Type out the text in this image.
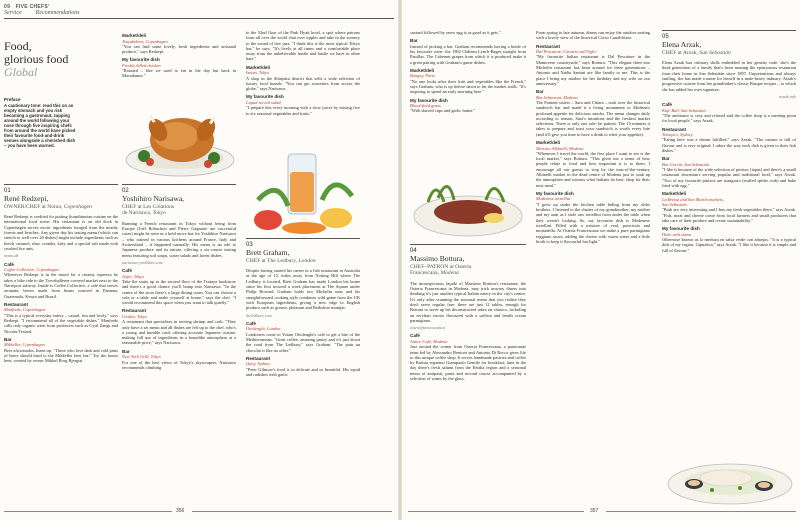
09 FIVE CHEFS'
Service Recommendations
Food,
glorious food
Global
Preface

A cautionary tone: read this on an empty stomach and you risk becoming a gastronaut, zapping around the world following your nose through five inspiring chefs from around the world have picked their favourite food-and-drink venues alongside a cherished dish – you have been warned.

Market/deli
Tsuyabikeru, Copenhagen

"You can find some lovely, fresh ingredients and artisanal produce," says Redzepi.

My favourite dish
Freshly killed chicken

"Roasted – like we used to eat in the day but back in Macadamia."

to the 52nd floor of the Park Hyatt hotel, a spot where patrons from all over the world chat over tipples and take in the scenery to the sound of live jazz. "I think this is the most typical Tokyo bar," he says. "It's lively at all times and a comfortable place away from the unbelievable hustle and bustle we have in other bars."

Market/deli
Isetan, Tokyo

A shop in the Shinjuku district that sells a wide selection of luxury food brands. "You can get souvenirs from across the globe," says Narisawa.

My favourite dish
Liquid record salad

"I prepare this every morning with a slow juicer by mixing five to six seasonal vegetables and fruits."

custard followed by snow egg is as good as it gets."

Bar

Instead of picking a bar, Graham recommends having a bottle of his favourite wine: the 1982 Château Lynch-Bages straight from Pauillac. The Cabernet grapes from which it is produced make it a great pairing with Graham's game dishes.

Market/deli
Bungay, Paris

"No one looks after their fruit and vegetables like the French," says Graham, who is up before dawn to hit the market stalls. "It's inspiring to spend an early morning here."

My favourite dish
Blood-fired grass

"With shaved cups and garlic butter."

From spring to late autumn, diners can enjoy the outdoor seating with a lovely view of the historical Corso Canalchiaro.

Restaurant
Dal Pescatore, Canneto sull'Oglio

"My favourite Italian restaurant is Dal Pescatore in the Mantovese countryside," says Bottura. "This elegant three-star Michelin restaurant has been around for three generations – Antonio and Nadia Santini are like family to me. This is the place I bring my mother for her birthday and my wife on our anniversary."

Bar
Bar Schiavoni, Modena

The Fantoni sisters – Sara and Chiara – took over the historical sandwich bar and made it a living monument to Modena's profound appetite for delicious snacks. The menu changes daily according to season, Sara's intuitions and the freshest market selections. There is only one rule: be patient. The 10 minutes it takes to prepare and toast your sandwich is worth every bite (and it'll give you time to have a drink to whet your appetite).

Market/deli
Mercato Albinelli, Modena

"Whenever I travel the world, the first place I want to see is the local market," says Bottura. "This gives me a sense of how people relate to food and how important it is to them. I encourage all our guests to stop by the turn-of-the-century Albinelli market in the dead centre of Modena just to soak up the atmosphere and witness what Italians do best: shop for their next meal."

My favourite dish
Modenese tortellini

"I grew up under the kitchen table hiding from my older brothers. I listened to the chatter of my grandmother, my mother and my aunt as I stole raw tortellini from under the table when they weren't looking. So, my favourite dish is Modenese tortellini. Filled with a mixture of veal, prosciutto and mortadella. At Osteria Francescana we make a pure parmigiano reggiano sauce, adding the cheese with warm water and a little broth to keep it flavourful but light."

01
René Redzepi,
OWNER/CHEF at Noma, Copenhagen

René Redzepi is credited for putting Scandinavian cuisine on the international food scene. His restaurant is on old dock in Copenhagen serves exotic ingredients foraged from the nearby forests and beaches. Any given day his tasting menu (which can stretch to well over 20 dishes) might include ingredients such as beech caramel, rhea, crumbs, kitty and a special salt made with crushed fire ants.

noma.dk
Café
Coffee Collective, Copenhagen

Whenever Redzepi is in the mood for a creamy espresso he takes a bike ride to the Torvehallerne covered market next to the Nørreport subway. Inside is Coffee Collective, a café that serves aromatic brews made from beans sourced in Panama, Guatemala, Kenya and Brazil.

Restaurant
Manfreds, Copenhagen

"This is a typical everyday eatery – casual, fun and lively," says Redzepi. "I recommend all of the vegetable dishes." Manfreds calls only organic wine from producers such as Cyril Zangs and Nicolas Testard.

Bar
Mikkeller, Copenhagen

Beer aficionados, listen up: "Those who love dark and cold pints of beers should head to the Mikkeller beer bar." Try the house beer, created by owner Mikkel Borg Bjergsø.

02
Yoshihiro Narisawa,
CHEF at Les Créations
de Narisawa, Tokyo

Running a French restaurant in Tokyo without being from Europe (Joël Robuchon and Pierre Gagnaire are successful cases) might be seen as a bold move but for Yoshihiro Narisawa – who trained in various kitchens around France, Italy and Switzerland – it happened naturally. His menu is an ode to Japanese produce and its nature, offering a six-course tasting menu featuring soil soups, water salads and forest dishes.

narisawa-yoshihiro.com
Café
Anjin, Tokyo

Take the stairs up to the second floor of the Tsutaya bookstore and there's a good chance you'll bump into Narisawa. "In the centre of the store there's a large dining room. You can choose a sofa or a table and make yourself at home," says the chef. "I would recommend this space when you want to talk quietly."

Restaurant
Uoshin, Tokyo

A restaurant that specialises in serving shrimp and crab. "They only have a set menu and all dishes are left up to the chef, who's a young and humble cook offering accurate Japanese cuisine, making full use of ingredients in a homelike atmosphere at a reasonable price," says Narisawa.

Bar
New York Grill, Tokyo

For one of the best views of Tokyo's skyscrapers, Narisawa recommends climbing

03
Brett Graham,
CHEF at The Ledbury, London

Despite having started his career in a fish restaurant in Australia at the age of 15, miles away from Notting Hill where The Ledbury is located, Brett Graham has made London his home since his first secured a work placement at The Square under Philip Howard. Graham holds two Michelin stars and his straightforward cooking style combines wild game from the UK with European ingredients, giving a new edge to English produce such as grouse, pheasant and Berkshire muntjac.

theledbury.com
Café
Ottolenghi, London

Londoners come to Yotam Ottolenghi's café to get a bite of the Mediterranean. "Great coffee, amazing pastry and it's just down the road from The Ledbury," says Graham. "The pain au chocolat is like no other."

Restaurant
Quay, Sydney

"Peter Gilmore's food is so delicate and so beautiful. His squid and radishes with garlic

04
Massimo Bottura,
CHEF–PATRON at Osteria
Francescana, Modena

The inconspicuous façade of Massimo Bottura's restaurant, the Osteria Francescana in Modena, may trick unwary diners into thinking it's just another typical Italian eatery in the city's centre. It's only after scanning the seasonal menu that you realise they don't serve regular fare: there are just 12 tables, enough for Bottura to serve up his deconstructed takes on classics, including an eerybutt risotto flavoured with a saffron and lentils cream parmigiano.

osteriafrancescana.it
Café
Antico Café, Modena

Just around the corner from Osteria Francescana, a passionate team led by Alessandro Benicea and Antonio Di Rocca gives life to this unique coffee shop. It serves handmade pastries and coffee by Barista supremo Giampaolo Gentile for breakfast; later in the day there's fresh salami from the Emilia region and a seasonal menu of antipasti, pasta and second course accompanied by a selection of wines by the glass.

05
Elena Arzak,
CHEF at Arzak, San Sebastián

Elena Arzak has culinary skills embedded in her genetic code: she's the third generation of a family that's been running the eponymous restaurant from their home in San Sebastián since 1897. Unpretentious and always smiling, she has made a name for herself in a male-heavy industry. Arzak's progressive cuisine from her grandfather's classic Basque recipes – to which she has added her own signature.

arzak.info
Café
Kafe Ball, San Sebastián

"The ambiance is cosy and relaxed and the coffee shop is a meeting point for local people," says Arzak.

Restaurant
Tetsuya's, Sydney

"Eating here was a dream fulfilled," says Arzak. "The cuisine is full of flavour and is very original. I adore the way each dish is given to their fish dishes."

Bar
Bar Gorriti, San Sebastián

"I like it because of the wide selection of pintxos [tapas] and there's a small restaurant downstairs serving popular and traditional food," says Arzak. "Two of my favourite pintxos are txangurro (stuffed spider crab) and hake fried with egg."

Market/deli
La Bretxa and San Martín markets,
San Sebastián

"Both are very interesting and I buy my fresh vegetables there," says Arzak. "Fish, meat and cheese come from local farmers and small producers that take care of their produce and create sustainability."

My favourite dish
Hake with clams

Otherwise known as la merluza en salsa verde con almejas. "It is a typical dish of my region, Gipuzkoa," says Arzak. "I like it because it is simple and full of flavour."

356	357
